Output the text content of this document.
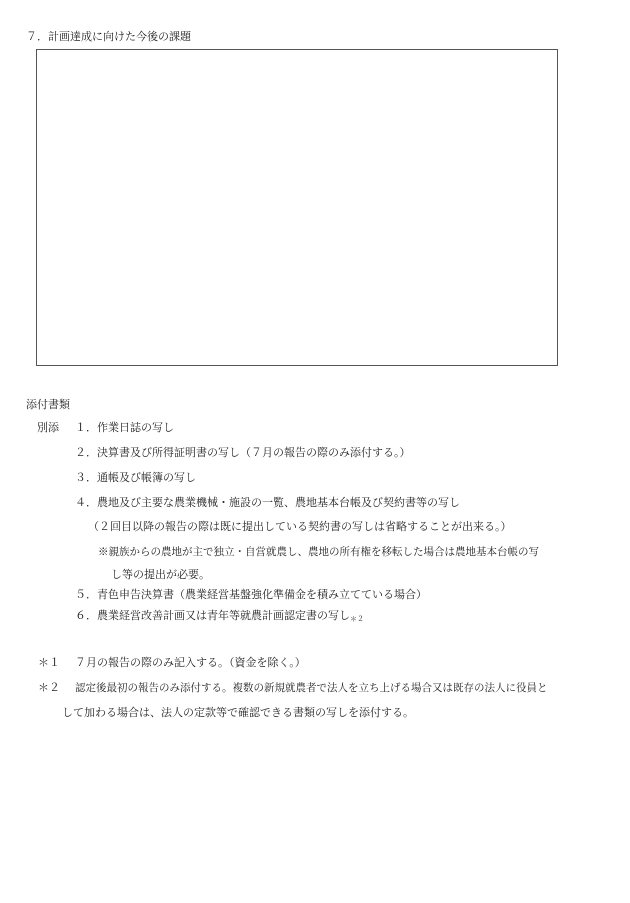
７．計画達成に向けた今後の課題
添付書類
別添 １．作業日誌の写し
２．決算書及び所得証明書の写し（７月の報告の際のみ添付する。）
３．通帳及び帳簿の写し
４．農地及び主要な農業機械・施設の一覧、農地基本台帳及び契約書等の写し
（２回目以降の報告の際は既に提出している契約書の写しは省略することが出来る。）
※親族からの農地が主で独立・自営就農し、農地の所有権を移転した場合は農地基本台帳の写
し等の提出が必要。
５．青色申告決算書（農業経営基盤強化準備金を積み立てている場合）
６．農業経営改善計画又は青年等就農計画認定書の写し$_{*2}$
＊１ ７月の報告の際のみ記入する。（資金を除く。）
＊２ 認定後最初の報告のみ添付する。複数の新規就農者で法人を立ち上げる場合又は既存の法人に役員と
して加わる場合は、法人の定款等で確認できる書類の写しを添付する。
